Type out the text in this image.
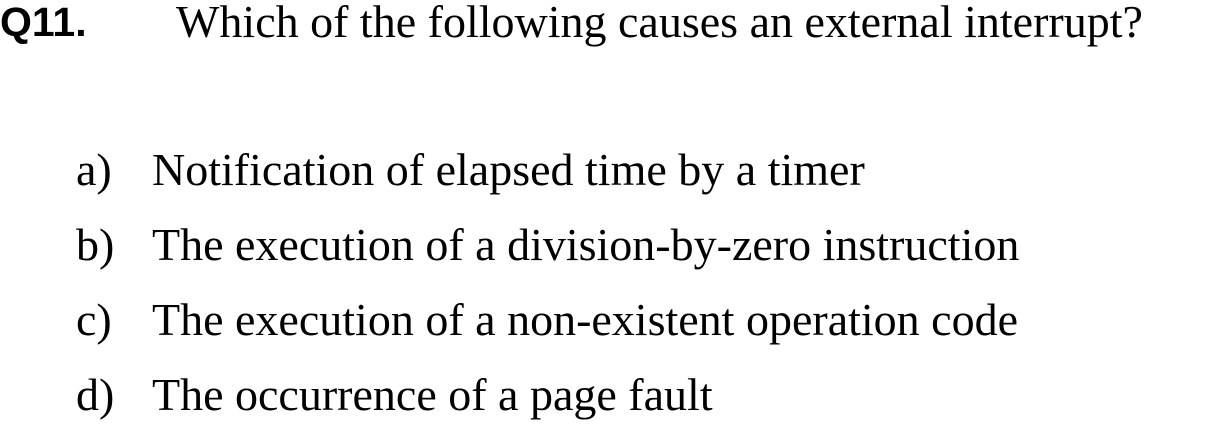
Q11. Which of the following causes an external interrupt?
a) Notification of elapsed time by a timer
b) The execution of a division-by-zero instruction
c) The execution of a non-existent operation code
d) The occurrence of a page fault
